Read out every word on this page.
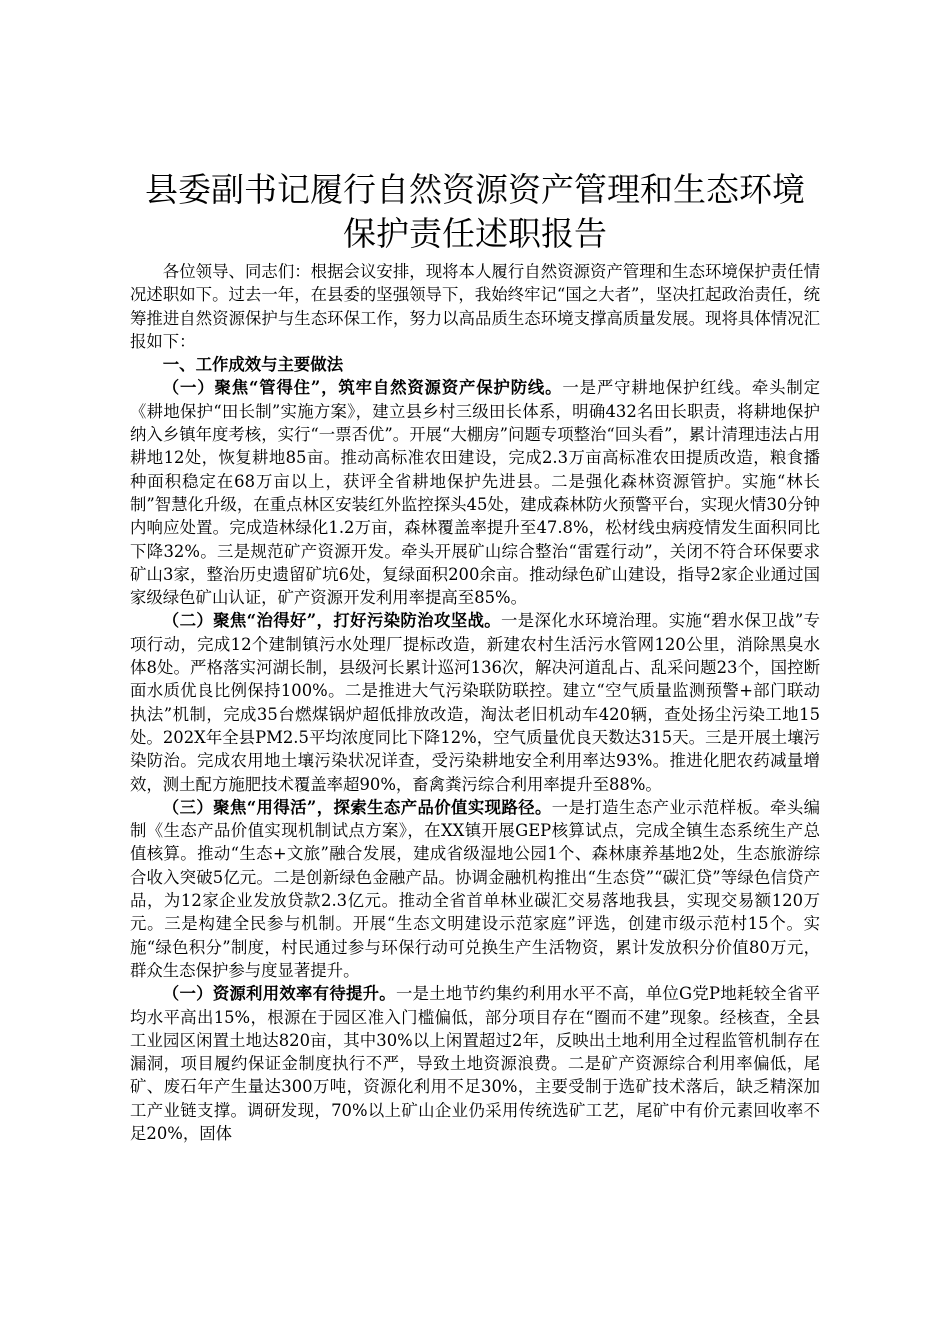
县委副书记履行自然资源资产管理和生态环境
保护责任述职报告

各位领导、同志们：根据会议安排，现将本人履行自然资源资产管理和生态环境保护责任情况述职如下。过去一年，在县委的坚强领导下，我始终牢记“国之大者”，坚决扛起政治责任，统筹推进自然资源保护与生态环保工作，努力以高品质生态环境支撑高质量发展。现将具体情况汇报如下：

一、工作成效与主要做法

（一）聚焦“管得住”，筑牢自然资源资产保护防线。一是严守耕地保护红线。牵头制定《耕地保护“田长制”实施方案》，建立县乡村三级田长体系，明确432名田长职责，将耕地保护纳入乡镇年度考核，实行“一票否优”。开展“大棚房”问题专项整治“回头看”，累计清理违法占用耕地12处，恢复耕地85亩。推动高标准农田建设，完成2.3万亩高标准农田提质改造，粮食播种面积稳定在68万亩以上，获评全省耕地保护先进县。二是强化森林资源管护。实施“林长制”智慧化升级，在重点林区安装红外监控探头45处，建成森林防火预警平台，实现火情30分钟内响应处置。完成造林绿化1.2万亩，森林覆盖率提升至47.8%，松材线虫病疫情发生面积同比下降32%。三是规范矿产资源开发。牵头开展矿山综合整治“雷霆行动”，关闭不符合环保要求矿山3家，整治历史遗留矿坑6处，复绿面积200余亩。推动绿色矿山建设，指导2家企业通过国家级绿色矿山认证，矿产资源开发利用率提高至85%。

（二）聚焦“治得好”，打好污染防治攻坚战。一是深化水环境治理。实施“碧水保卫战”专项行动，完成12个建制镇污水处理厂提标改造，新建农村生活污水管网120公里，消除黑臭水体8处。严格落实河湖长制，县级河长累计巡河136次，解决河道乱占、乱采问题23个，国控断面水质优良比例保持100%。二是推进大气污染联防联控。建立“空气质量监测预警+部门联动执法”机制，完成35台燃煤锅炉超低排放改造，淘汰老旧机动车420辆，查处扬尘污染工地15处。202X年全县PM2.5平均浓度同比下降12%，空气质量优良天数达315天。三是开展土壤污染防治。完成农用地土壤污染状况详查，受污染耕地安全利用率达93%。推进化肥农药减量增效，测土配方施肥技术覆盖率超90%，畜禽粪污综合利用率提升至88%。

（三）聚焦“用得活”，探索生态产品价值实现路径。一是打造生态产业示范样板。牵头编制《生态产品价值实现机制试点方案》，在XX镇开展GEP核算试点，完成全镇生态系统生产总值核算。推动“生态+文旅”融合发展，建成省级湿地公园1个、森林康养基地2处，生态旅游综合收入突破5亿元。二是创新绿色金融产品。协调金融机构推出“生态贷”“碳汇贷”等绿色信贷产品，为12家企业发放贷款2.3亿元。推动全省首单林业碳汇交易落地我县，实现交易额120万元。三是构建全民参与机制。开展“生态文明建设示范家庭”评选，创建市级示范村15个。实施“绿色积分”制度，村民通过参与环保行动可兑换生产生活物资，累计发放积分价值80万元，群众生态保护参与度显著提升。

（一）资源利用效率有待提升。一是土地节约集约利用水平不高，单位G党P地耗较全省平均水平高出15%，根源在于园区准入门槛偏低，部分项目存在“圈而不建”现象。经核查，全县工业园区闲置土地达820亩，其中30%以上闲置超过2年，反映出土地利用全过程监管机制存在漏洞，项目履约保证金制度执行不严，导致土地资源浪费。二是矿产资源综合利用率偏低，尾矿、废石年产生量达300万吨，资源化利用不足30%，主要受制于选矿技术落后，缺乏精深加工产业链支撑。调研发现，70%以上矿山企业仍采用传统选矿工艺，尾矿中有价元素回收率不足20%，固体
